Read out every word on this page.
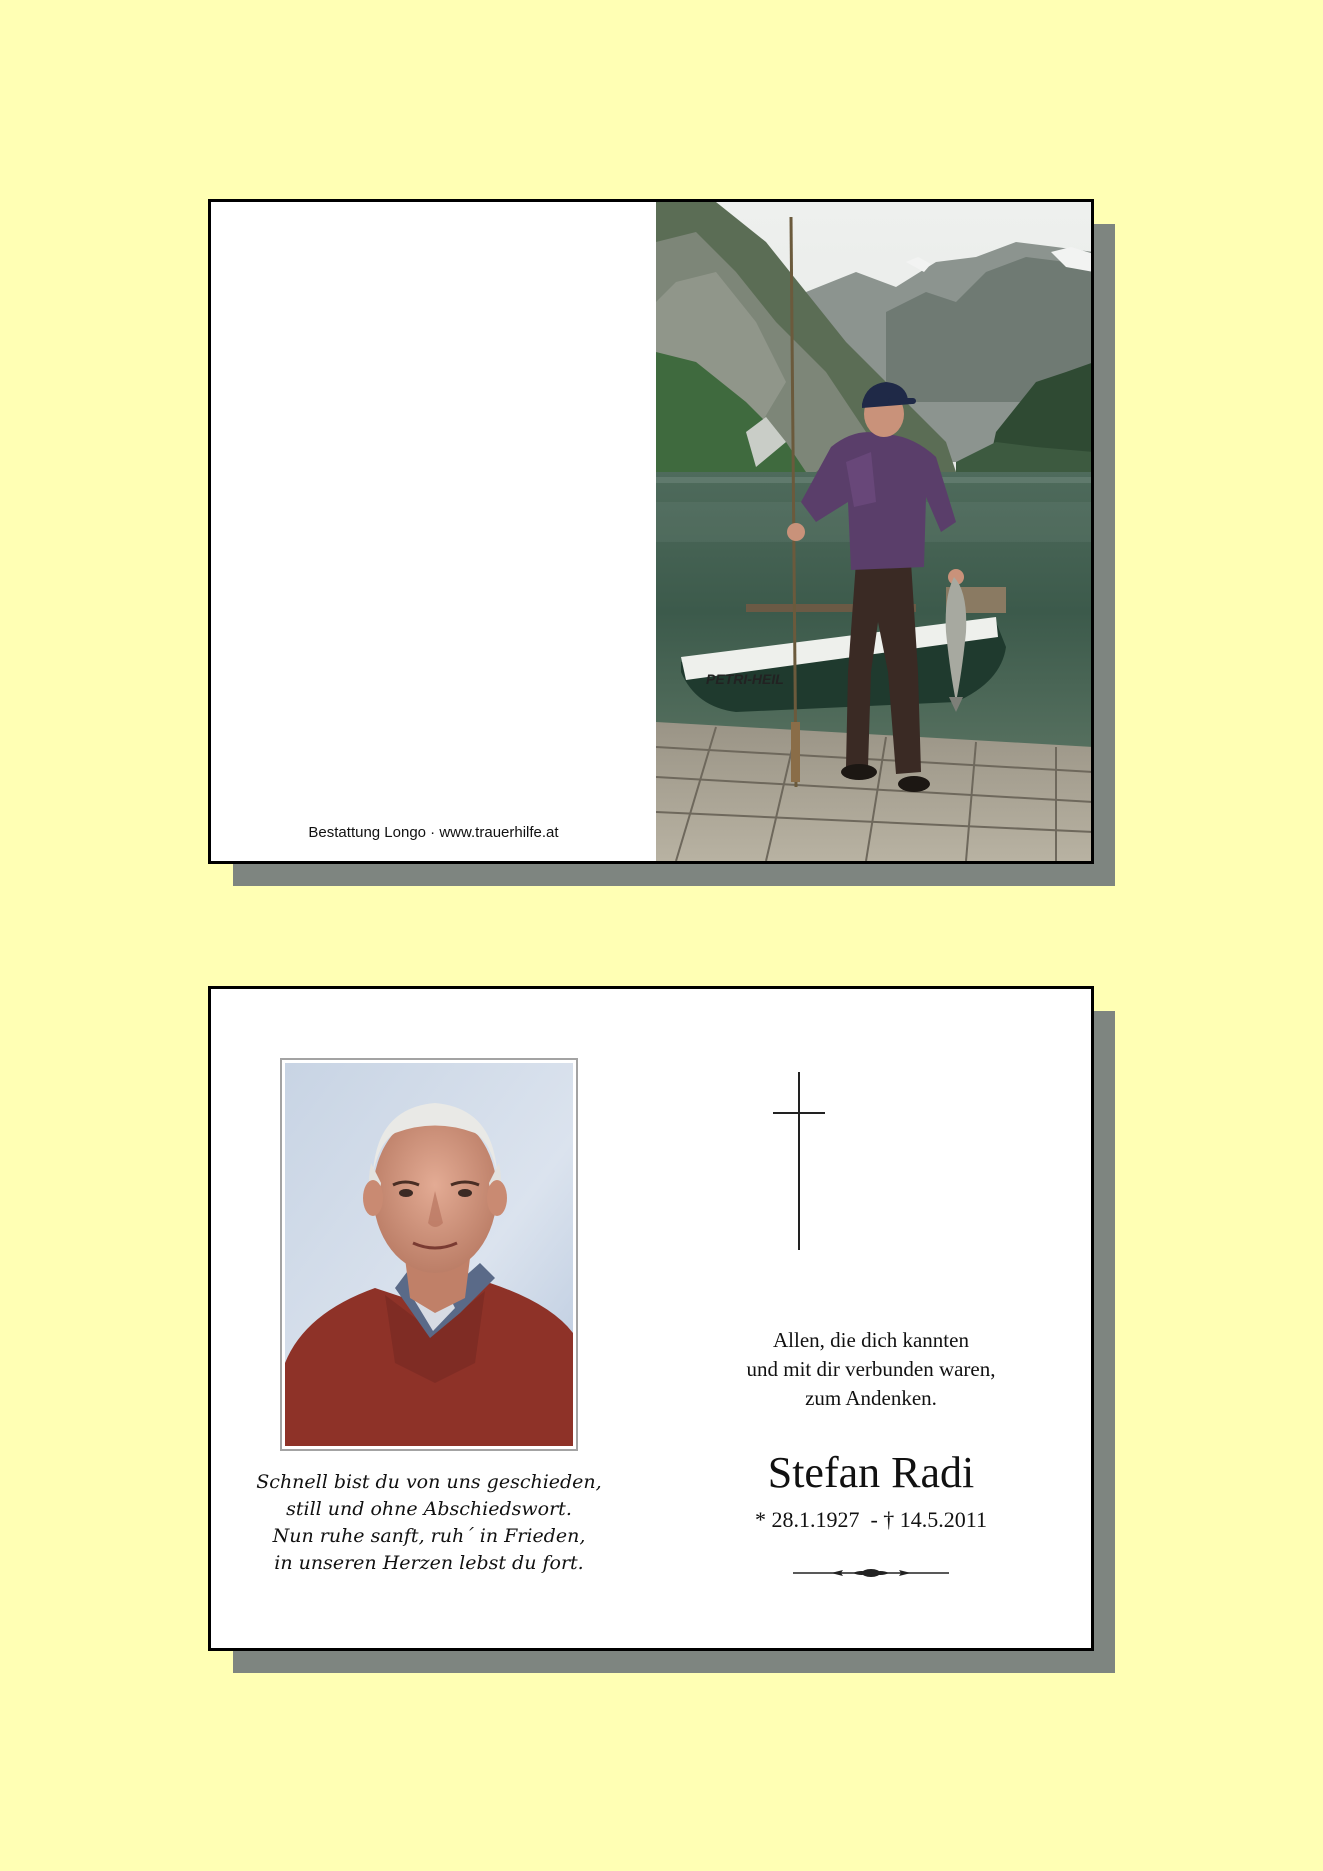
Bestattung Longo · www.trauerhilfe.at
PETRI-HEIL
Schnell bist du von uns geschieden,
still und ohne Abschiedswort.
Nun ruhe sanft, ruh´ in Frieden,
in unseren Herzen lebst du fort.
Allen, die dich kannten
und mit dir verbunden waren,
zum Andenken.
Stefan Radi
* 28.1.1927  - † 14.5.2011
